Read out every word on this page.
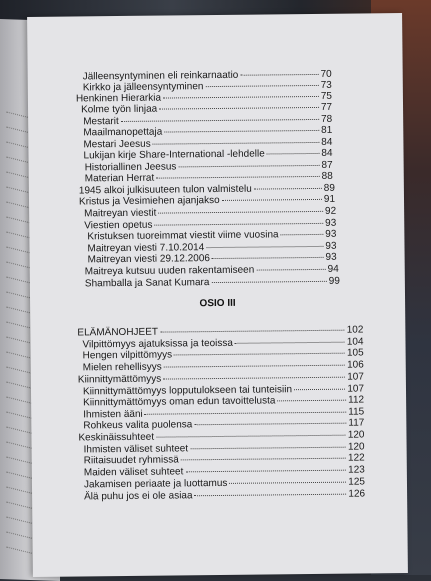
OSIO III
Jälleensyntyminen eli reinkarnaatio	70
Kirkko ja jälleensyntyminen	73
Henkinen Hierarkia	75
Kolme työn linjaa	77
Mestarit	78
Maailmanopettaja	81
Mestari Jeesus	84
Lukijan kirje Share-International -lehdelle	84
Historiallinen Jeesus	87
Materian Herrat	88
1945 alkoi julkisuuteen tulon valmistelu	89
Kristus ja Vesimiehen ajanjakso	91
Maitreyan viestit	92
Viestien opetus	93
Kristuksen tuoreimmat viestit viime vuosina	93
Maitreyan viesti 7.10.2014	93
Maitreyan viesti 29.12.2006	93
Maitreya kutsuu uuden rakentamiseen	94
Shamballa ja Sanat Kumara	99
ELÄMÄNOHJEET	102
Vilpittömyys ajatuksissa ja teoissa	104
Hengen vilpittömyys	105
Mielen rehellisyys	106
Kiinnittymättömyys	107
Kiinnittymättömyys lopputulokseen tai tunteisiin	107
Kiinnittymättömyys oman edun tavoittelusta	112
Ihmisten ääni	115
Rohkeus valita puolensa	117
Keskinäissuhteet	120
Ihmisten väliset suhteet	120
Riitaisuudet ryhmissä	122
Maiden väliset suhteet	123
Jakamisen periaate ja luottamus	125
Älä puhu jos ei ole asiaa	126
